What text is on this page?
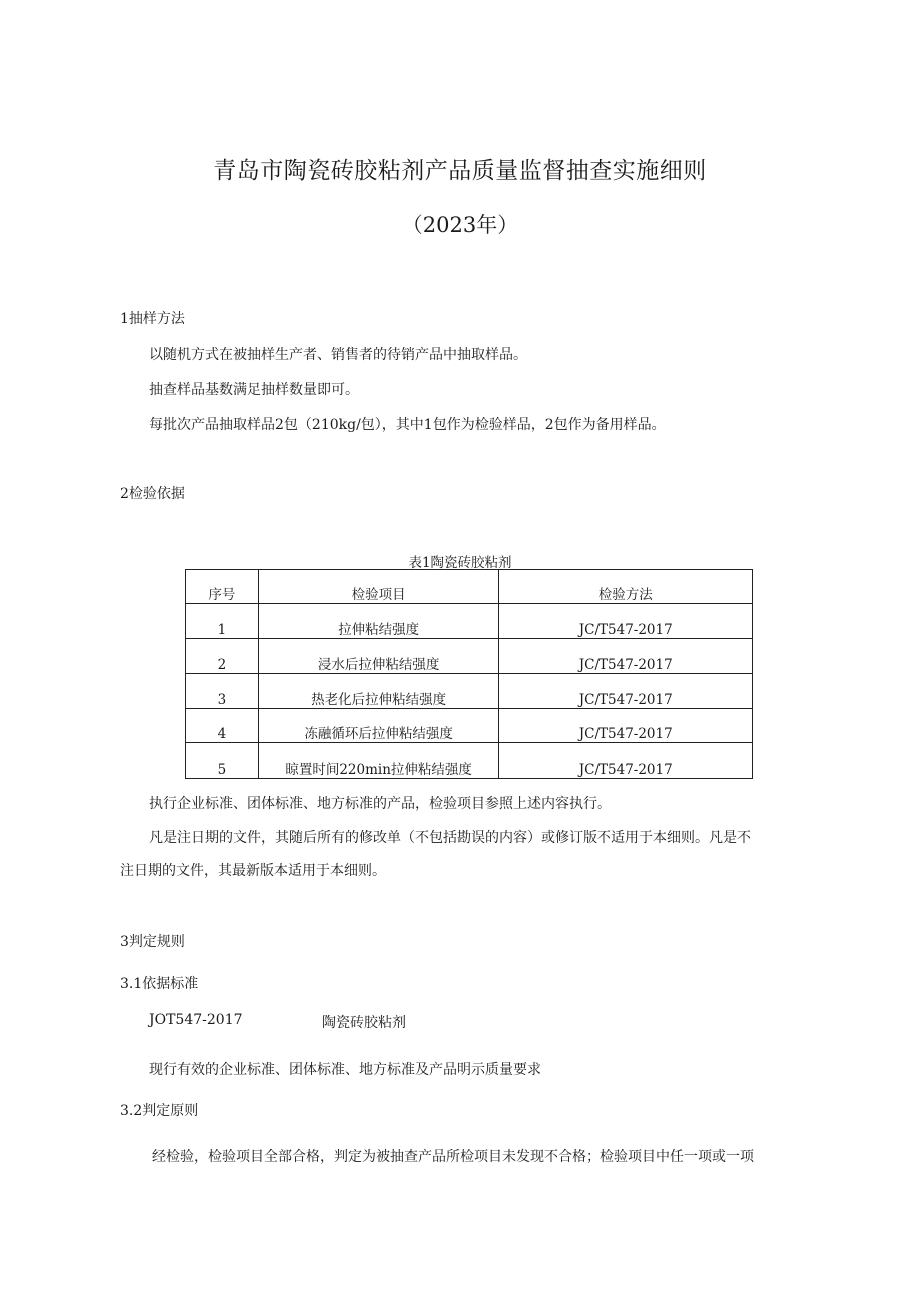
青岛市陶瓷砖胶粘剂产品质量监督抽查实施细则
（2023年）
1抽样方法
以随机方式在被抽样生产者、销售者的待销产品中抽取样品。
抽查样品基数满足抽样数量即可。
每批次产品抽取样品2包（210kg/包），其中1包作为检验样品，2包作为备用样品。
2检验依据
表1陶瓷砖胶粘剂
序号	检验项目	检验方法
1	拉伸粘结强度	JC/T547-2017
2	浸水后拉伸粘结强度	JC/T547-2017
3	热老化后拉伸粘结强度	JC/T547-2017
4	冻融循环后拉伸粘结强度	JC/T547-2017
5	晾置时间220min拉伸粘结强度	JC/T547-2017
执行企业标准、团体标准、地方标准的产品，检验项目参照上述内容执行。
凡是注日期的文件，其随后所有的修改单（不包括勘误的内容）或修订版不适用于本细则。凡是不
注日期的文件，其最新版本适用于本细则。
3判定规则
3.1依据标准
JOT547-2017	陶瓷砖胶粘剂
现行有效的企业标准、团体标准、地方标准及产品明示质量要求
3.2判定原则
经检验，检验项目全部合格，判定为被抽查产品所检项目未发现不合格；检验项目中任一项或一项
